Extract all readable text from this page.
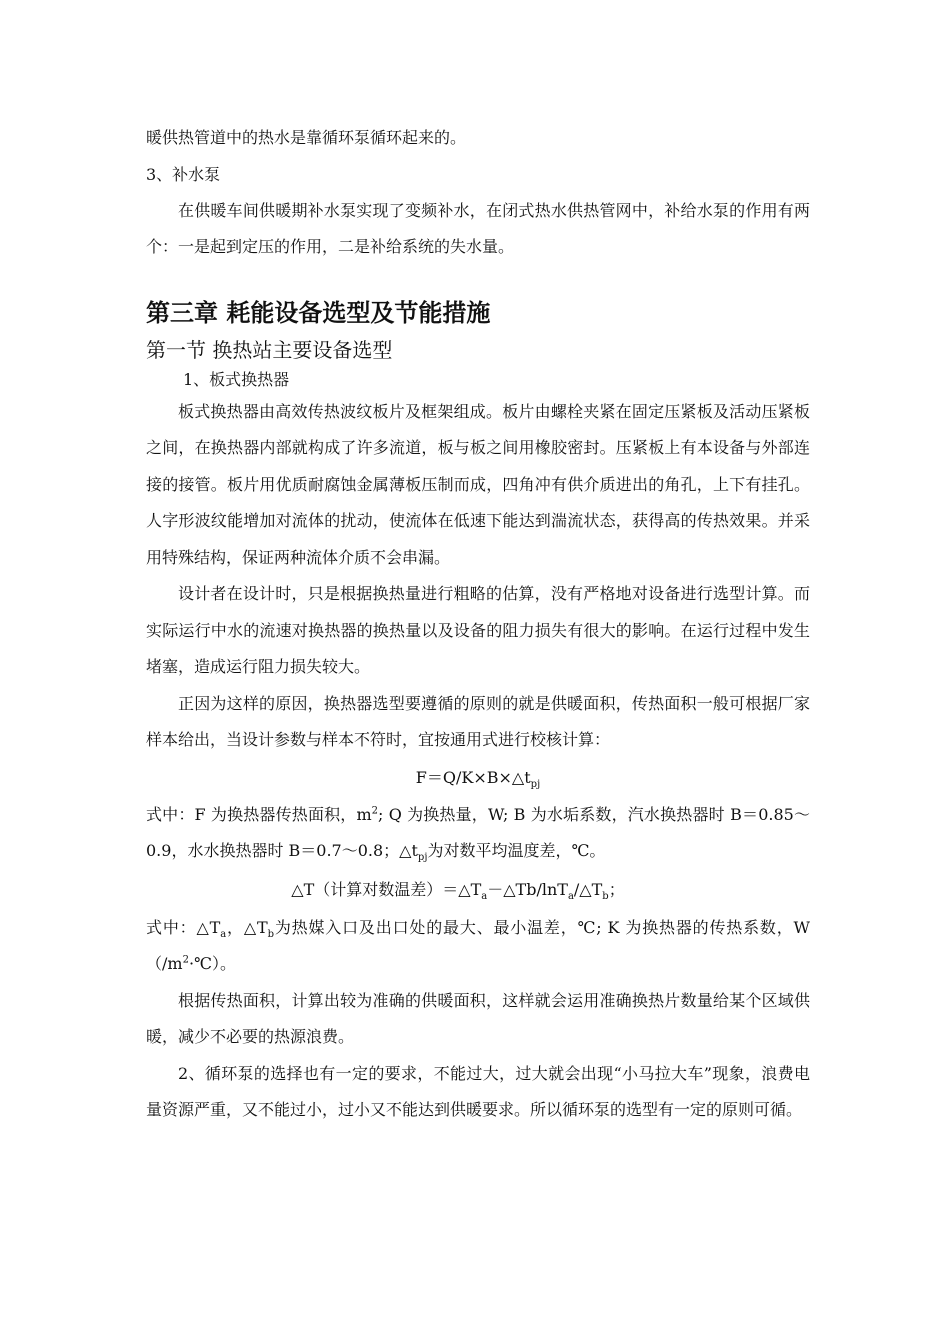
暖供热管道中的热水是靠循环泵循环起来的。

3、补水泵

在供暖车间供暖期补水泵实现了变频补水，在闭式热水供热管网中，补给水泵的作用有两个：一是起到定压的作用，二是补给系统的失水量。

第三章 耗能设备选型及节能措施
第一节 换热站主要设备选型
1、板式换热器

板式换热器由高效传热波纹板片及框架组成。板片由螺栓夹紧在固定压紧板及活动压紧板之间，在换热器内部就构成了许多流道，板与板之间用橡胶密封。压紧板上有本设备与外部连接的接管。板片用优质耐腐蚀金属薄板压制而成，四角冲有供介质进出的角孔，上下有挂孔。人字形波纹能增加对流体的扰动，使流体在低速下能达到湍流状态，获得高的传热效果。并采用特殊结构，保证两种流体介质不会串漏。

设计者在设计时，只是根据换热量进行粗略的估算，没有严格地对设备进行选型计算。而实际运行中水的流速对换热器的换热量以及设备的阻力损失有很大的影响。在运行过程中发生堵塞，造成运行阻力损失较大。

正因为这样的原因，换热器选型要遵循的原则的就是供暖面积，传热面积一般可根据厂家样本给出，当设计参数与样本不符时，宜按通用式进行校核计算：

$F=Q/K\times B\times\triangle t_{pj}$

式中：F 为换热器传热面积，$m^2$; Q 为换热量，W; B 为水垢系数，汽水换热器时 B＝0.85～0.9，水水换热器时 B＝0.7～0.8；$\triangle t_{pj}$为对数平均温度差，℃。

△T（计算对数温差）$=\triangle T_a-\triangle Tb/\ln T_a/\triangle T_b$；

式中：$\triangle T_a$，$\triangle T_b$为热媒入口及出口处的最大、最小温差，℃; K 为换热器的传热系数，$W(/m^2\cdot℃)$。

根据传热面积，计算出较为准确的供暖面积，这样就会运用准确换热片数量给某个区域供暖，减少不必要的热源浪费。

2、循环泵的选择也有一定的要求，不能过大，过大就会出现“小马拉大车”现象，浪费电量资源严重，又不能过小，过小又不能达到供暖要求。所以循环泵的选型有一定的原则可循。
